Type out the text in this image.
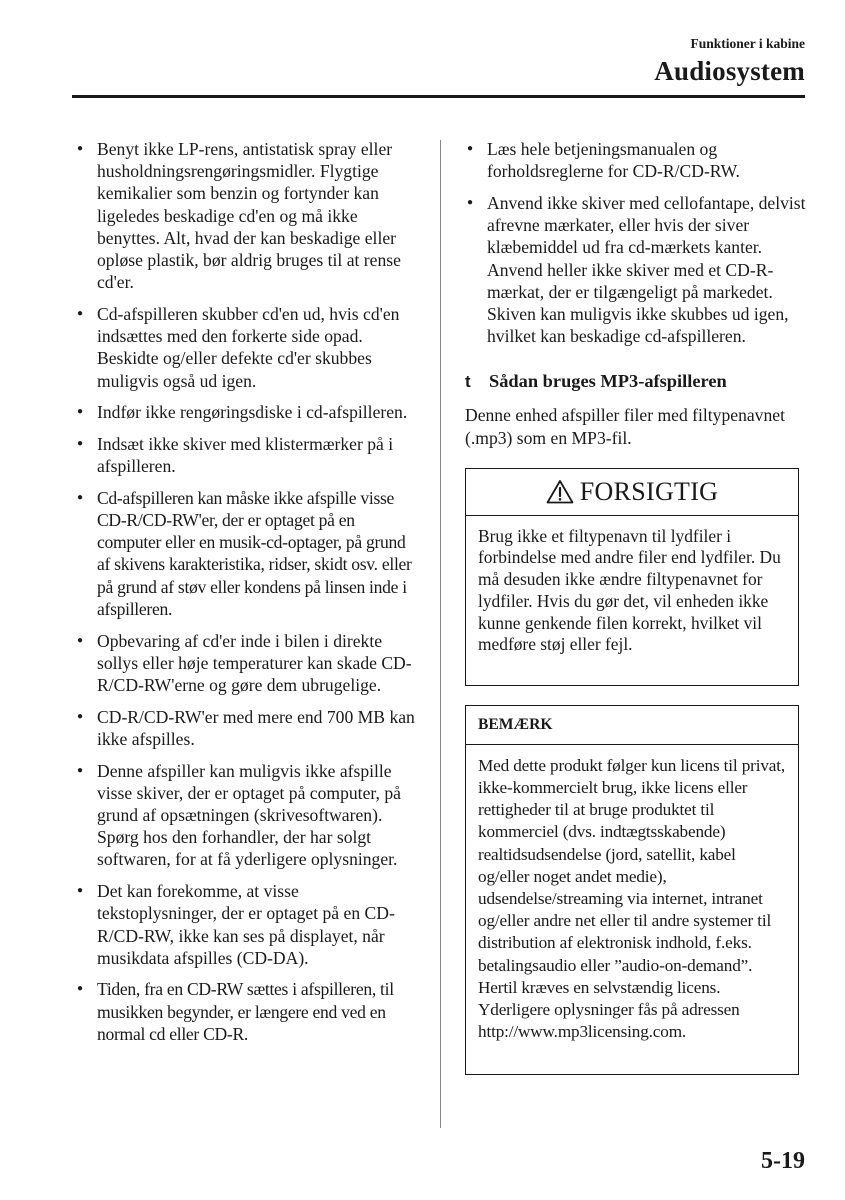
Funktioner i kabine
Audiosystem
● Benyt ikke LP-rens, antistatisk spray eller husholdningsrengøringsmidler. Flygtige kemikalier som benzin og fortynder kan ligeledes beskadige cd'en og må ikke benyttes. Alt, hvad der kan beskadige eller opløse plastik, bør aldrig bruges til at rense cd'er.
● Cd-afspilleren skubber cd'en ud, hvis cd'en indsættes med den forkerte side opad. Beskidte og/eller defekte cd'er skubbes muligvis også ud igen.
● Indfør ikke rengøringsdiske i cd-afspilleren.
● Indsæt ikke skiver med klistermærker på i afspilleren.
● Cd-afspilleren kan måske ikke afspille visse CD-R/CD-RW'er, der er optaget på en computer eller en musik-cd-optager, på grund af skivens karakteristika, ridser, skidt osv. eller på grund af støv eller kondens på linsen inde i afspilleren.
● Opbevaring af cd'er inde i bilen i direkte sollys eller høje temperaturer kan skade CD-R/CD-RW'erne og gøre dem ubrugelige.
● CD-R/CD-RW'er med mere end 700 MB kan ikke afspilles.
● Denne afspiller kan muligvis ikke afspille visse skiver, der er optaget på computer, på grund af opsætningen (skrivesoftwaren). Spørg hos den forhandler, der har solgt softwaren, for at få yderligere oplysninger.
● Det kan forekomme, at visse tekstoplysninger, der er optaget på en CD-R/CD-RW, ikke kan ses på displayet, når musikdata afspilles (CD-DA).
● Tiden, fra en CD-RW sættes i afspilleren, til musikken begynder, er længere end ved en normal cd eller CD-R.
● Læs hele betjeningsmanualen og forholdsreglerne for CD-R/CD-RW.
● Anvend ikke skiver med cellofantape, delvist afrevne mærkater, eller hvis der siver klæbemiddel ud fra cd-mærkets kanter. Anvend heller ikke skiver med et CD-R-mærkat, der er tilgængeligt på markedet. Skiven kan muligvis ikke skubbes ud igen, hvilket kan beskadige cd-afspilleren.
t Sådan bruges MP3-afspilleren
Denne enhed afspiller filer med filtypenavnet (.mp3) som en MP3-fil.
FORSIGTIG
Brug ikke et filtypenavn til lydfiler i forbindelse med andre filer end lydfiler. Du må desuden ikke ændre filtypenavnet for lydfiler. Hvis du gør det, vil enheden ikke kunne genkende filen korrekt, hvilket vil medføre støj eller fejl.
BEMÆRK
Med dette produkt følger kun licens til privat, ikke-kommercielt brug, ikke licens eller rettigheder til at bruge produktet til kommerciel (dvs. indtægtsskabende) realtidsudsendelse (jord, satellit, kabel og/eller noget andet medie), udsendelse/streaming via internet, intranet og/eller andre net eller til andre systemer til distribution af elektronisk indhold, f.eks. betalingsaudio eller ”audio-on-demand”. Hertil kræves en selvstændig licens. Yderligere oplysninger fås på adressen http://www.mp3licensing.com.
5-19
